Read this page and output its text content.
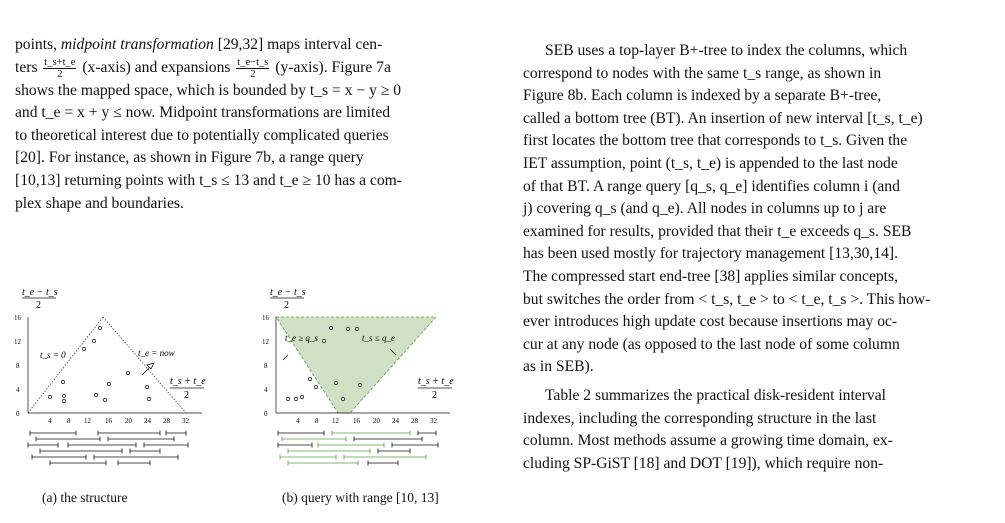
points, midpoint transformation [29,32] maps interval cen-
ters $\frac{t\_s+t\_e}{2}$ (x-axis) and expansions $\frac{t\_e-t\_s}{2}$ (y-axis). Figure 7a
shows the mapped space, which is bounded by t_s = x − y ≥ 0
and t_e = x + y ≤ now. Midpoint transformations are limited
to theoretical interest due to potentially complicated queries
[20]. For instance, as shown in Figure 7b, a range query
[10,13] returning points with t_s ≤ 13 and t_e ≥ 10 has a com-
plex shape and boundaries.

t_e − t_s
2
16
12
8
4
0
4 8 12 16 20 24 28 32
t_s = 0	t_e = now
t_s + t_e
2
t_e − t_s
2
16
12
8
4
0
4 8 12 16 20 24 28 32
t_e ≥ q_s	t_s ≤ q_e
t_s + t_e
2
(a) the structure	(b) query with range [10, 13]

SEB uses a top-layer B+-tree to index the columns, which
correspond to nodes with the same t_s range, as shown in
Figure 8b. Each column is indexed by a separate B+-tree,
called a bottom tree (BT). An insertion of new interval [t_s, t_e)
first locates the bottom tree that corresponds to t_s. Given the
IET assumption, point (t_s, t_e) is appended to the last node
of that BT. A range query [q_s, q_e] identifies column i (and
j) covering q_s (and q_e). All nodes in columns up to j are
examined for results, provided that their t_e exceeds q_s. SEB
has been used mostly for trajectory management [13,30,14].
The compressed start end-tree [38] applies similar concepts,
but switches the order from < t_s, t_e > to < t_e, t_s >. This how-
ever introduces high update cost because insertions may oc-
cur at any node (as opposed to the last node of some column
as in SEB).

Table 2 summarizes the practical disk-resident interval
indexes, including the corresponding structure in the last
column. Most methods assume a growing time domain, ex-
cluding SP-GiST [18] and DOT [19]), which require non-
